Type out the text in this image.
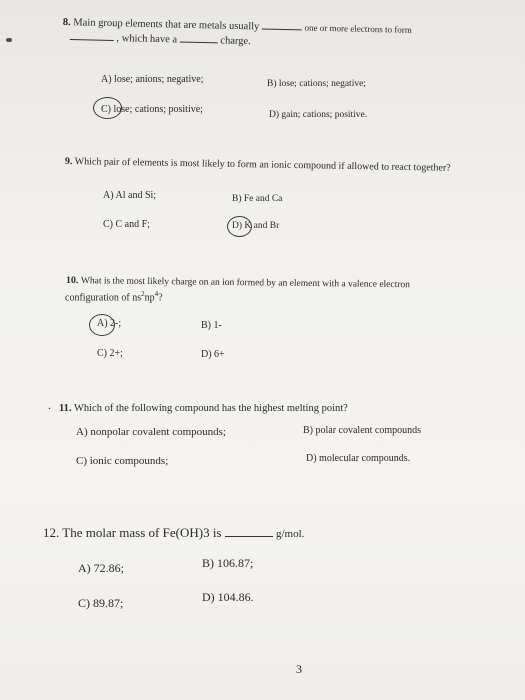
8. Main group elements that are metals usually	one or more electrons to form
, which have a	charge.
A) lose; anions; negative;	B) lose; cations; negative;
C) lose; cations; positive;	D) gain; cations; positive.
9. Which pair of elements is most likely to form an ionic compound if allowed to react together?
A) Al and Si;	B) Fe and Ca
C) C and F;	D) K and Br
10. What is the most likely charge on an ion formed by an element with a valence electron
configuration of $ns^2np^4$?
A) 2-;	B) 1-
C) 2+;	D) 6+
. 11. Which of the following compound has the highest melting point?
A) nonpolar covalent compounds;	B) polar covalent compounds
C) ionic compounds;	D) molecular compounds.
12. The molar mass of Fe(OH)3 is	g/mol.
A) 72.86;	B) 106.87;
C) 89.87;	D) 104.86.
3
